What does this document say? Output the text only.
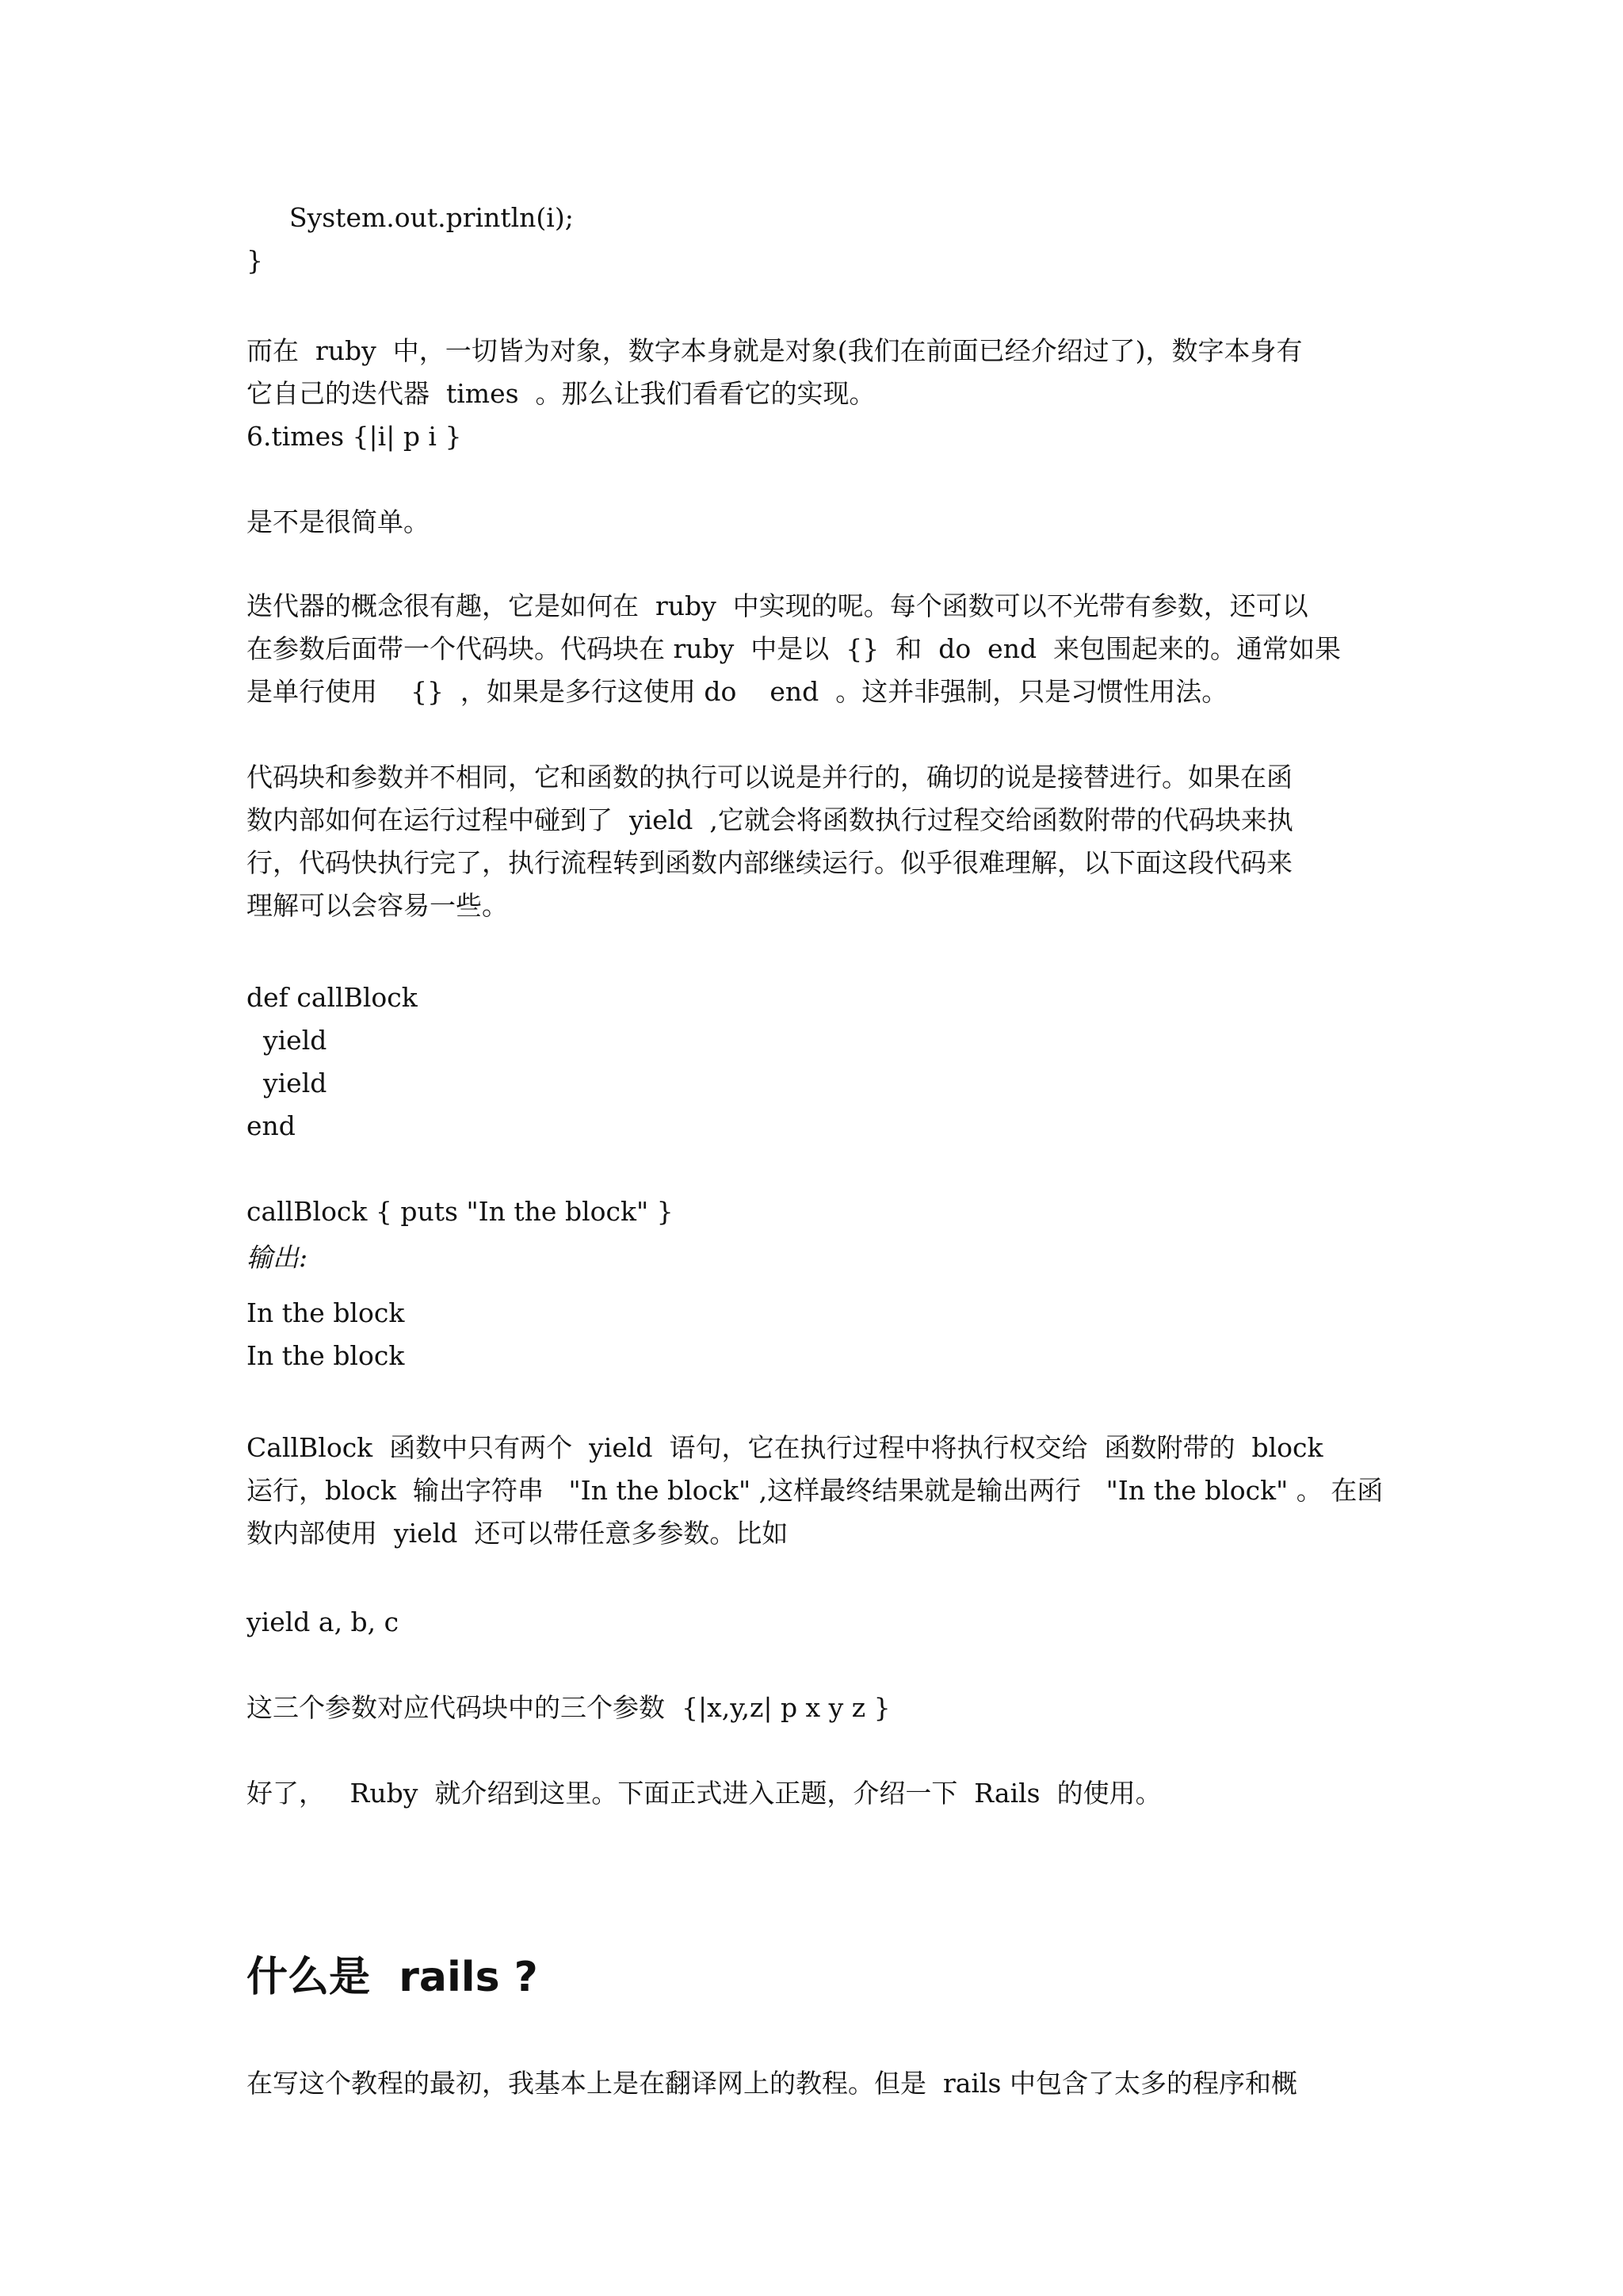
System.out.println(i);
}
而在  ruby  中，一切皆为对象，数字本身就是对象(我们在前面已经介绍过了)，数字本身有
它自己的迭代器  times  。那么让我们看看它的实现。
6.times {|i| p i }
是不是很简单。
迭代器的概念很有趣，它是如何在  ruby  中实现的呢。每个函数可以不光带有参数，还可以
在参数后面带一个代码块。代码块在 ruby  中是以  {}  和  do  end  来包围起来的。通常如果
是单行使用    {}  ，如果是多行这使用 do    end  。这并非强制，只是习惯性用法。
代码块和参数并不相同，它和函数的执行可以说是并行的，确切的说是接替进行。如果在函
数内部如何在运行过程中碰到了  yield  ,它就会将函数执行过程交给函数附带的代码块来执
行，代码快执行完了，执行流程转到函数内部继续运行。似乎很难理解，以下面这段代码来
理解可以会容易一些。
def callBlock
yield
yield
end
callBlock { puts "In the block" }
输出:
In the block
In the block
CallBlock  函数中只有两个  yield  语句，它在执行过程中将执行权交给  函数附带的  block
运行，block  输出字符串   "In the block" ,这样最终结果就是输出两行   "In the block" 。 在函
数内部使用  yield  还可以带任意多参数。比如
yield a, b, c
这三个参数对应代码块中的三个参数  {|x,y,z| p x y z }
好了，   Ruby  就介绍到这里。下面正式进入正题，介绍一下  Rails  的使用。
什么是  rails ?
在写这个教程的最初，我基本上是在翻译网上的教程。但是  rails 中包含了太多的程序和概
